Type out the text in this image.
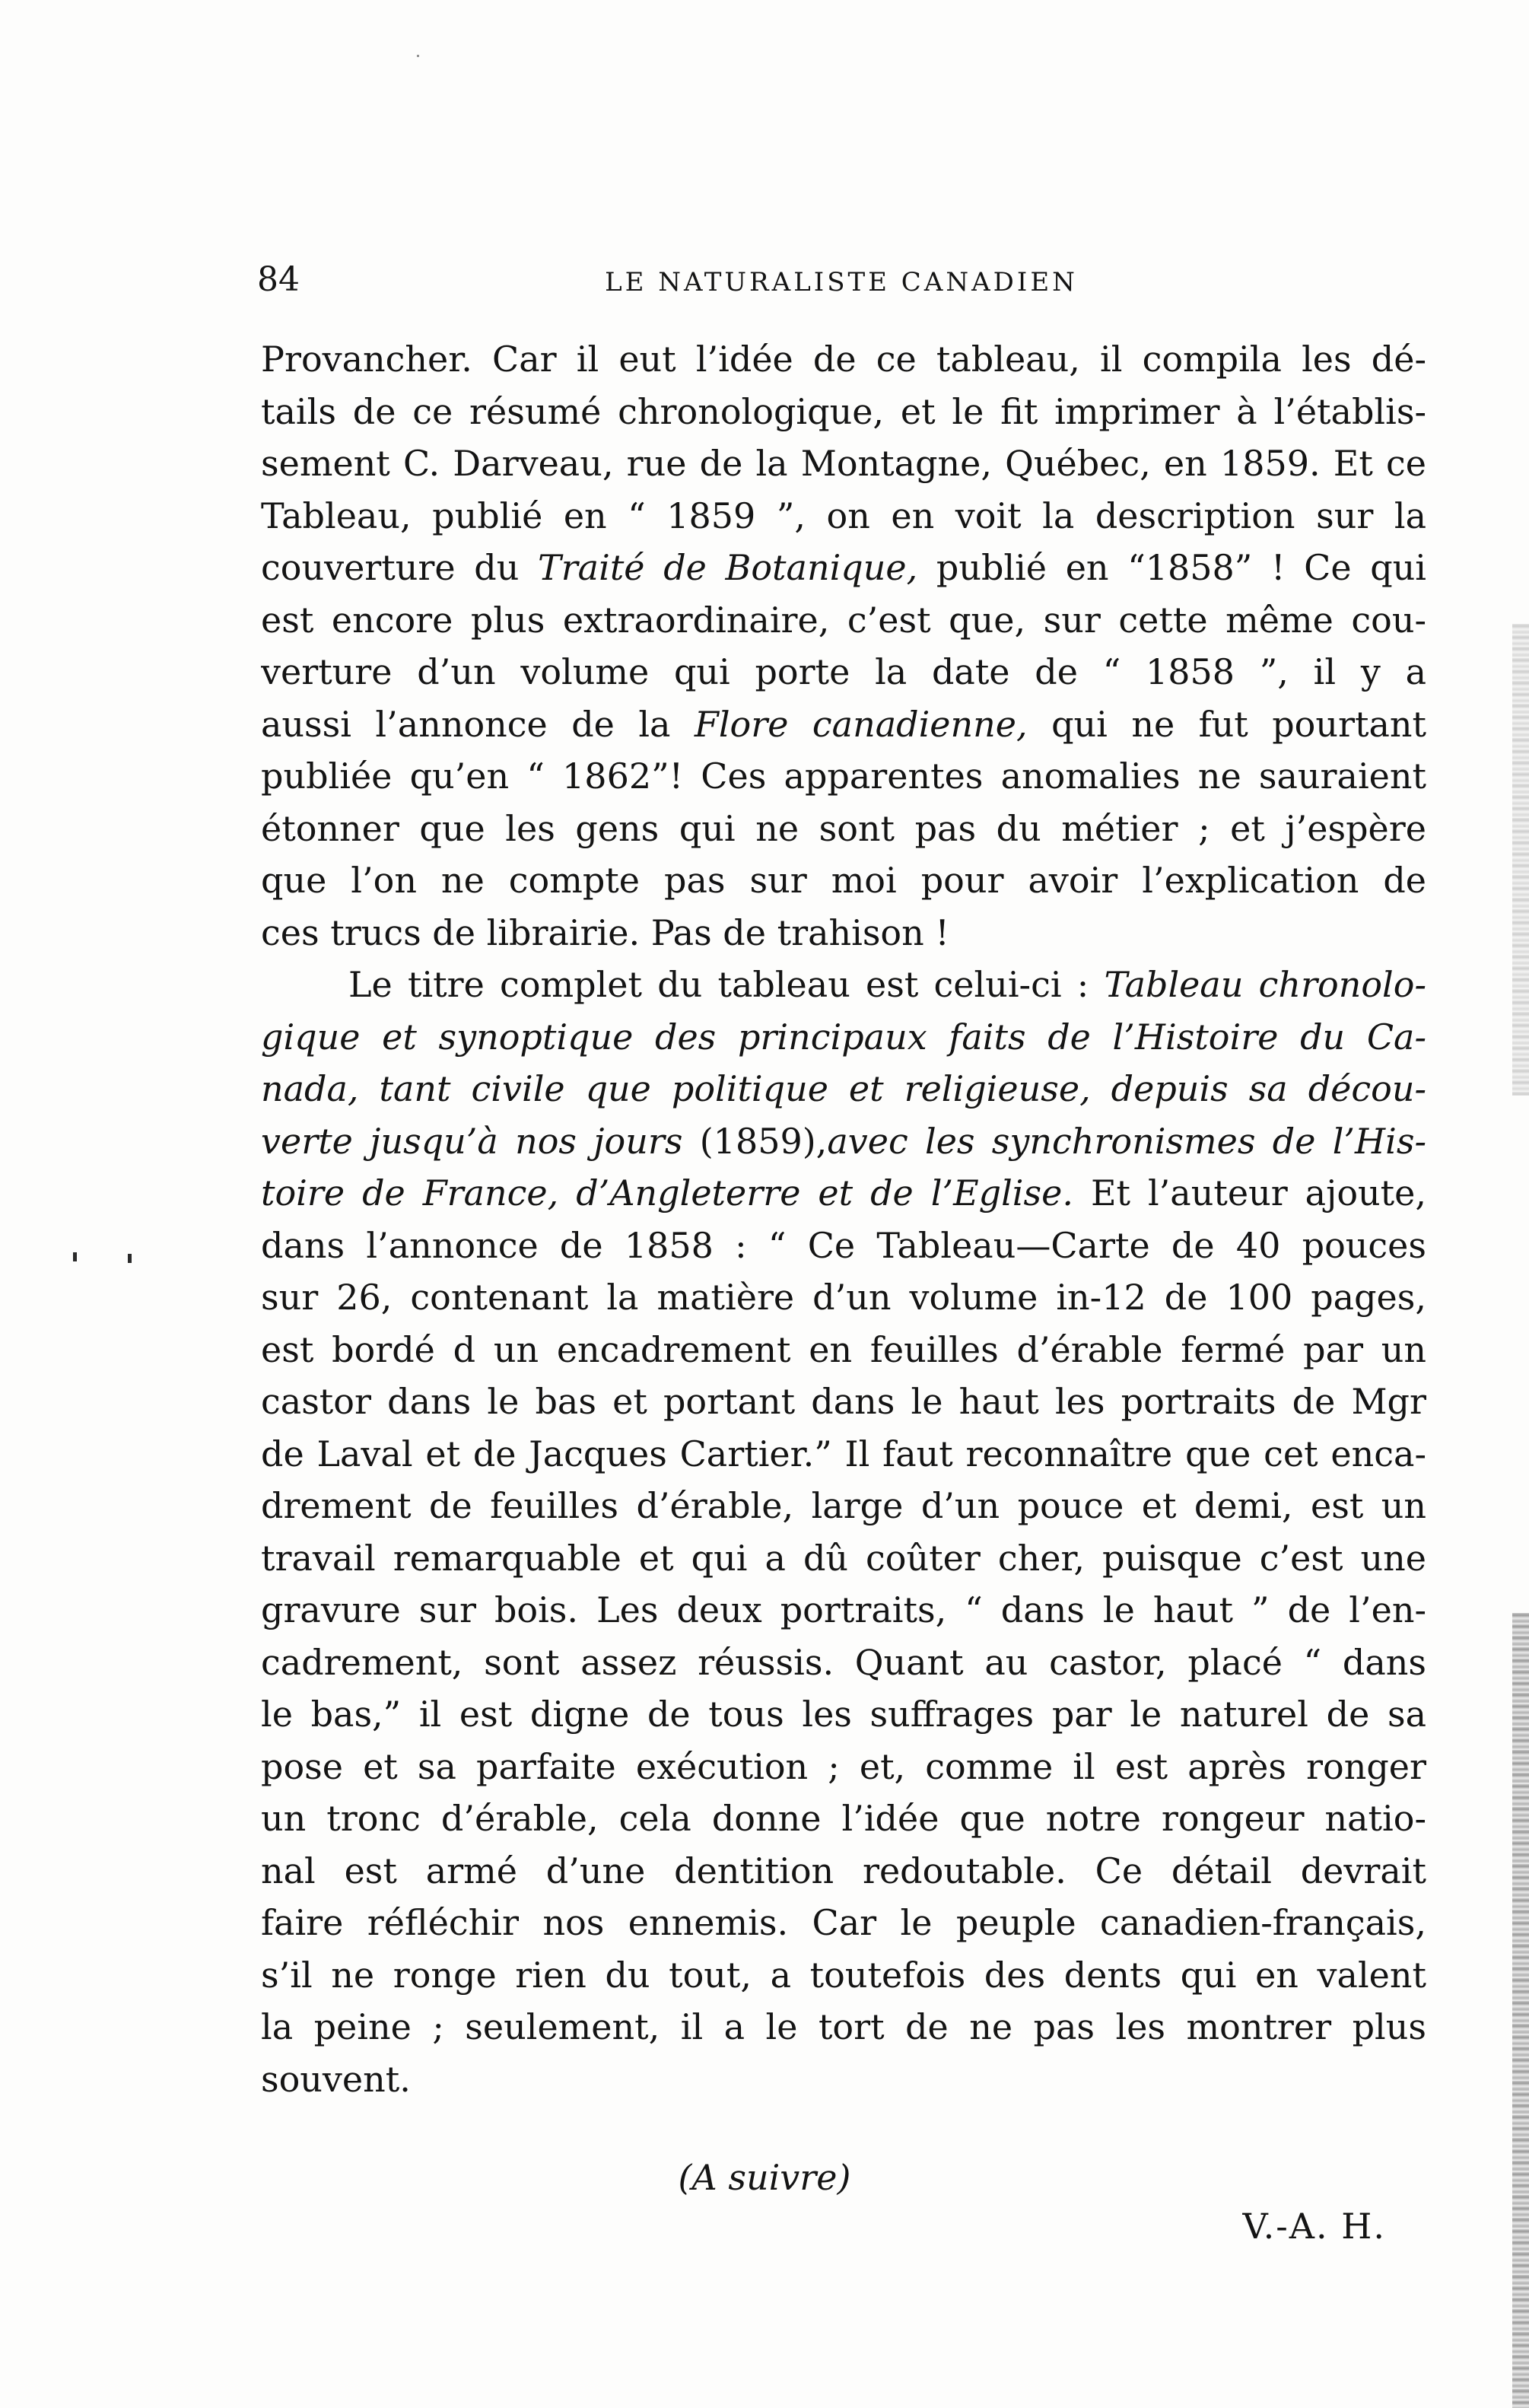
84	LE NATURALISTE CANADIEN
Provancher. Car il eut l’idée de ce tableau, il compila les dé-
tails de ce résumé chronologique, et le fit imprimer à l’établis-
sement C. Darveau, rue de la Montagne, Québec, en 1859. Et ce
Tableau, publié en “ 1859 ”, on en voit la description sur la
couverture du Traité de Botanique, publié en “1858” ! Ce qui
est encore plus extraordinaire, c’est que, sur cette même cou-
verture d’un volume qui porte la date de “ 1858 ”, il y a
aussi l’annonce de la Flore canadienne, qui ne fut pourtant
publiée qu’en “ 1862”! Ces apparentes anomalies ne sauraient
étonner que les gens qui ne sont pas du métier ; et j’espère
que l’on ne compte pas sur moi pour avoir l’explication de
ces trucs de librairie. Pas de trahison !
Le titre complet du tableau est celui-ci : Tableau chronolo-
gique et synoptique des principaux faits de l’Histoire du Ca-
nada, tant civile que politique et religieuse, depuis sa décou-
verte jusqu’à nos jours (1859),avec les synchronismes de l’His-
toire de France, d’Angleterre et de l’Eglise. Et l’auteur ajoute,
dans l’annonce de 1858 : “ Ce Tableau—Carte de 40 pouces
sur 26, contenant la matière d’un volume in-12 de 100 pages,
est bordé d un encadrement en feuilles d’érable fermé par un
castor dans le bas et portant dans le haut les portraits de Mgr
de Laval et de Jacques Cartier.” Il faut reconnaître que cet enca-
drement de feuilles d’érable, large d’un pouce et demi, est un
travail remarquable et qui a dû coûter cher, puisque c’est une
gravure sur bois. Les deux portraits, “ dans le haut ” de l’en-
cadrement, sont assez réussis. Quant au castor, placé “ dans
le bas,” il est digne de tous les suffrages par le naturel de sa
pose et sa parfaite exécution ; et, comme il est après ronger
un tronc d’érable, cela donne l’idée que notre rongeur natio-
nal est armé d’une dentition redoutable. Ce détail devrait
faire réfléchir nos ennemis. Car le peuple canadien-français,
s’il ne ronge rien du tout, a toutefois des dents qui en valent
la peine ; seulement, il a le tort de ne pas les montrer plus
souvent.
(A suivre)
V.-A. H.
